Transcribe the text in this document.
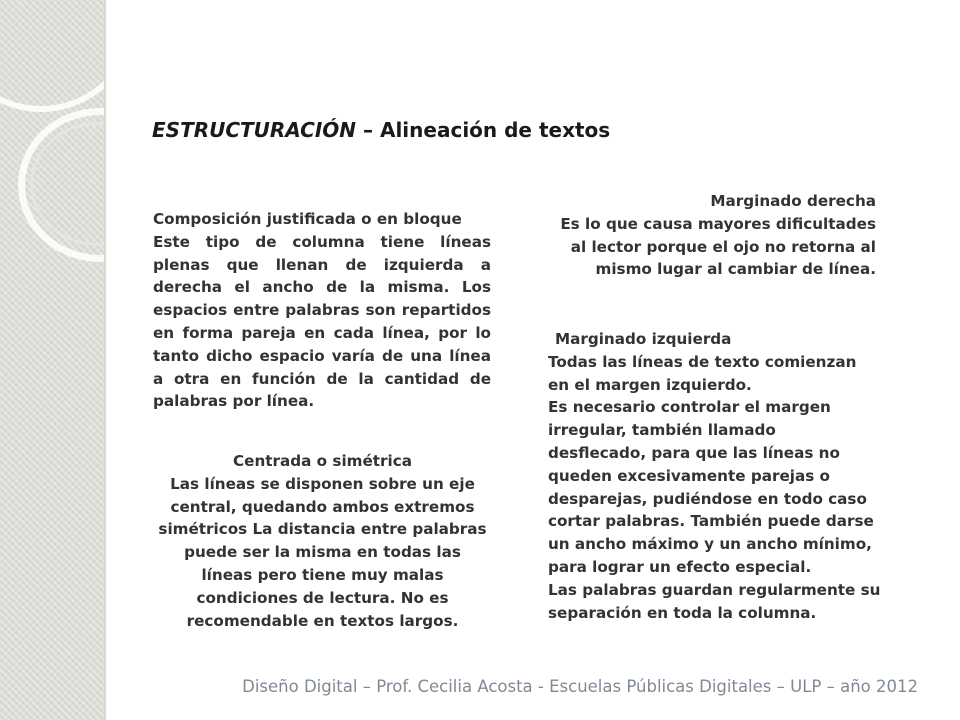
ESTRUCTURACIÓN – Alineación de textos

Composición justificada o en bloque

Este tipo de columna tiene líneas plenas que llenan de izquierda a derecha el ancho de la misma. Los espacios entre palabras son repartidos en forma pareja en cada línea, por lo tanto dicho espacio varía de una línea a otra en función de la cantidad de palabras por línea.

Centrada o simétrica

Las líneas se disponen sobre un eje

central, quedando ambos extremos

simétricos La distancia entre palabras

puede ser la misma en todas las

líneas pero tiene muy malas

condiciones de lectura. No es

recomendable en textos largos.

Marginado derecha

Es lo que causa mayores dificultades

al lector porque el ojo no retorna al

mismo lugar al cambiar de línea.

Marginado izquierda

Todas las líneas de texto comienzan

en el margen izquierdo.

Es necesario controlar el margen

irregular, también llamado

desflecado, para que las líneas no

queden excesivamente parejas o

desparejas, pudiéndose en todo caso

cortar palabras. También puede darse

un ancho máximo y un ancho mínimo,

para lograr un efecto especial.

Las palabras guardan regularmente su

separación en toda la columna.

Diseño Digital – Prof. Cecilia Acosta - Escuelas Públicas Digitales – ULP – año 2012
